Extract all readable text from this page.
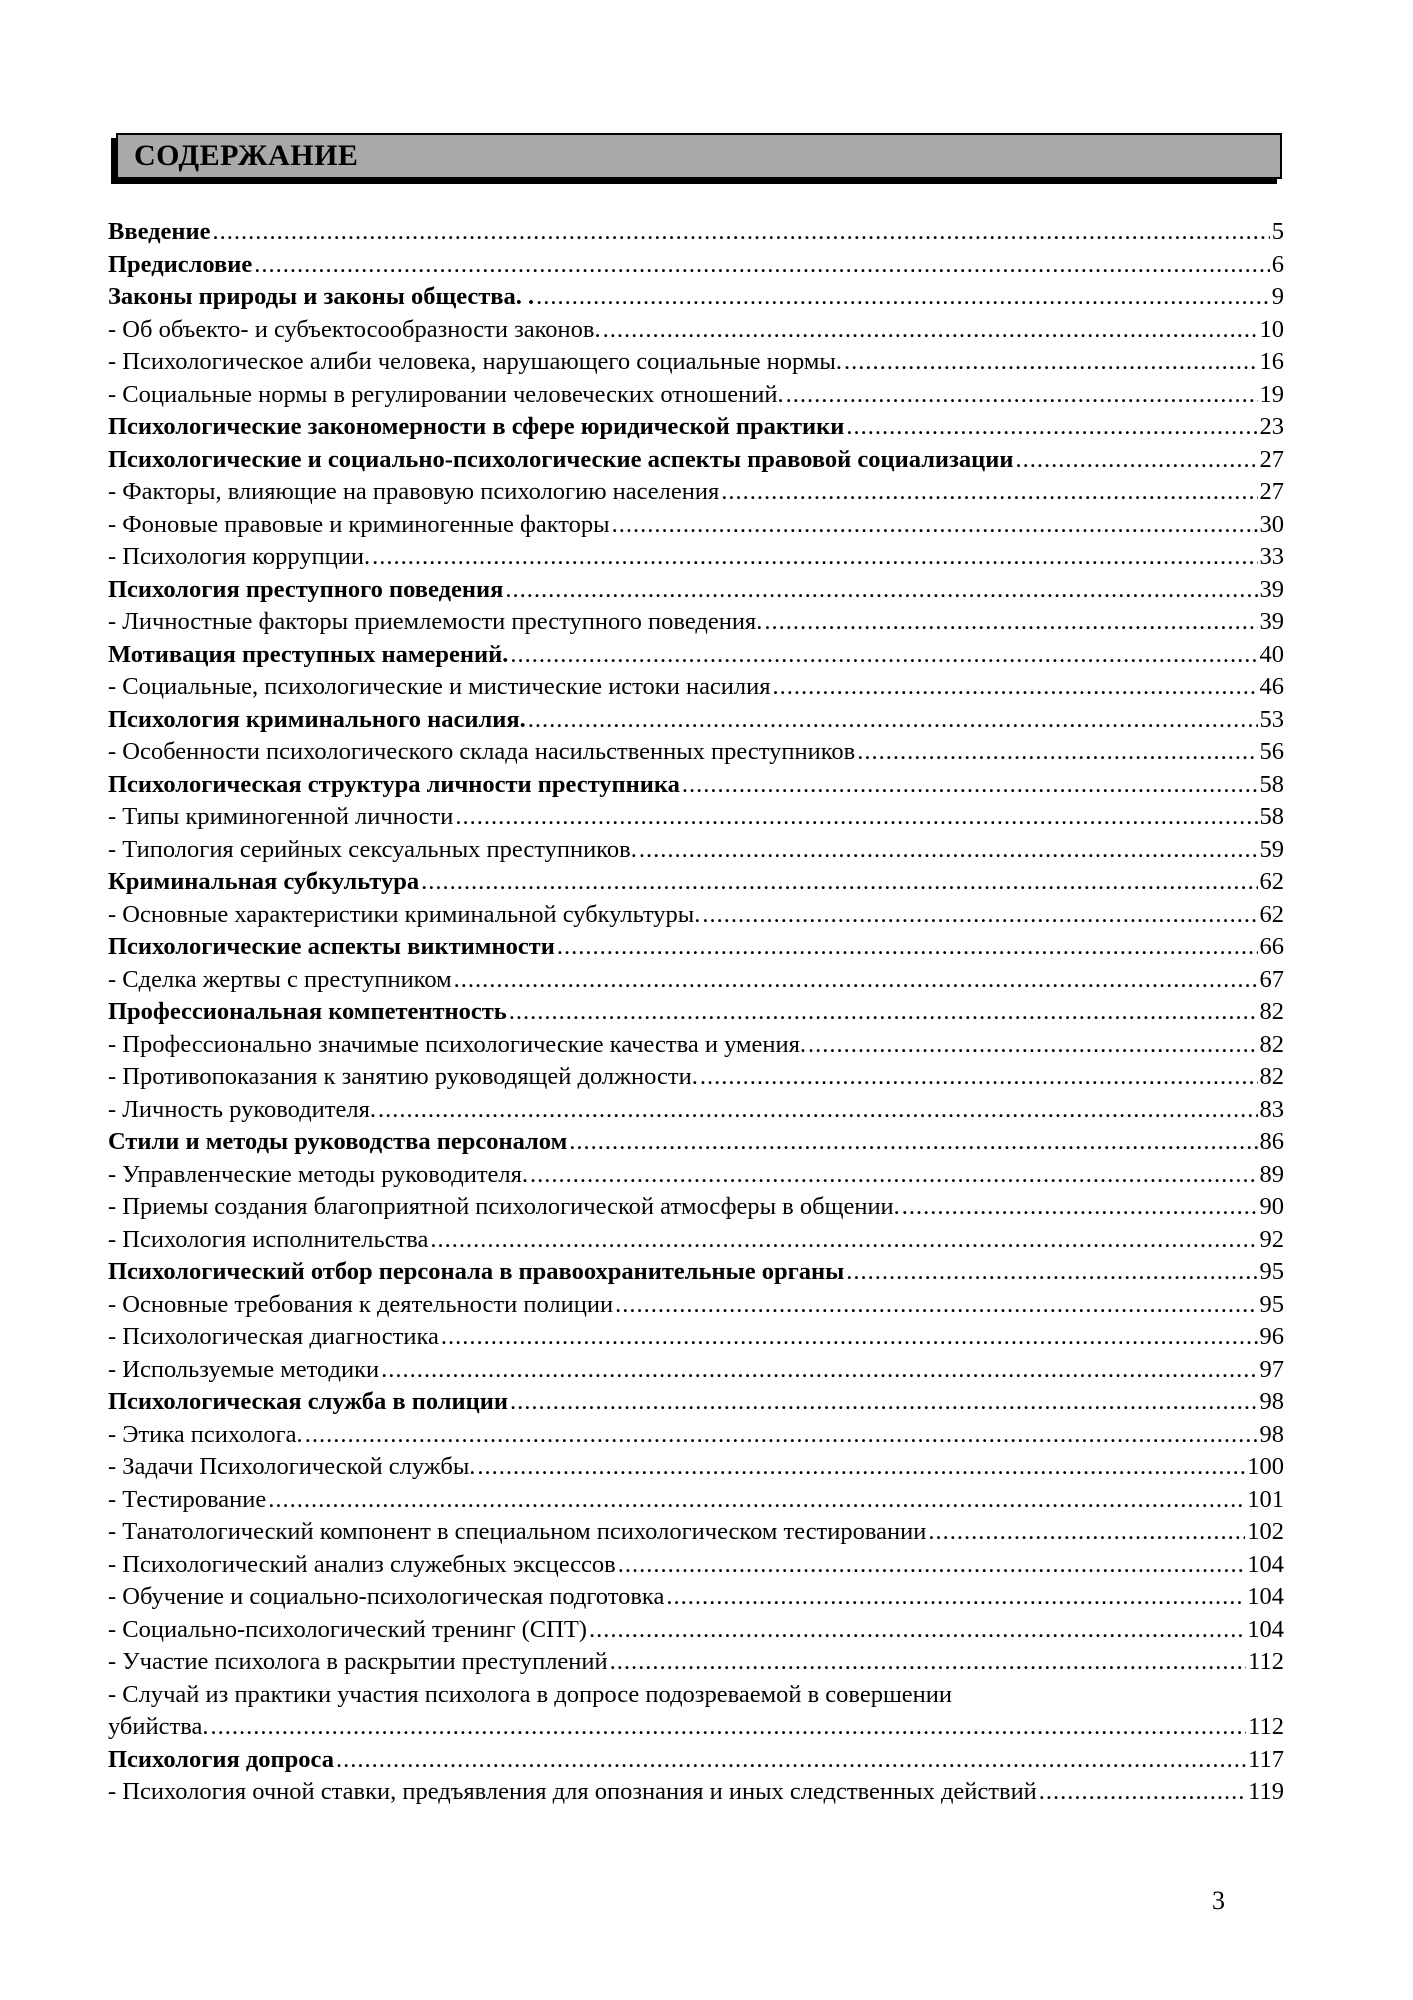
СОДЕРЖАНИЕ
Введение .....	5
Предисловие .....	6
Законы природы и законы общества. . .....	9
- Об объекто- и субъектосообразности законов. .....	10
- Психологическое алиби человека, нарушающего социальные нормы. .....	16
- Социальные нормы в регулировании человеческих отношений. .....	19
Психологические закономерности в сфере юридической практики .....	23
Психологические и социально-психологические аспекты правовой социализации .....	27
- Факторы, влияющие на правовую психологию населения .....	27
- Фоновые правовые и криминогенные факторы .....	30
- Психология коррупции. .....	33
Психология преступного поведения .....	39
- Личностные факторы приемлемости преступного поведения. .....	39
Мотивация преступных намерений. .....	40
- Социальные, психологические и мистические истоки насилия .....	46
Психология криминального насилия. .....	53
- Особенности психологического склада насильственных преступников .....	56
Психологическая структура личности преступника .....	58
- Типы криминогенной личности .....	58
- Типология серийных сексуальных преступников. .....	59
Криминальная субкультура .....	62
- Основные характеристики криминальной субкультуры. .....	62
Психологические аспекты виктимности .....	66
- Сделка жертвы с преступником .....	67
Профессиональная компетентность .....	82
- Профессионально значимые психологические качества и умения. .....	82
- Противопоказания к занятию руководящей должности. .....	82
- Личность руководителя. .....	83
Стили и методы руководства персоналом .....	86
- Управленческие методы руководителя. .....	89
- Приемы создания благоприятной психологической атмосферы в общении. .....	90
- Психология исполнительства .....	92
Психологический отбор персонала в правоохранительные органы .....	95
- Основные требования к деятельности полиции .....	95
- Психологическая диагностика .....	96
- Используемые методики .....	97
Психологическая служба в полиции .....	98
- Этика психолога. .....	98
- Задачи Психологической службы. .....	100
- Тестирование .....	101
- Танатологический компонент в специальном психологическом тестировании .....	102
- Психологический анализ служебных эксцессов .....	104
- Обучение и социально-психологическая подготовка .....	104
- Социально-психологический тренинг (СПТ) .....	104
- Участие психолога в раскрытии преступлений .....	112
- Случай из практики участия психолога в допросе подозреваемой в совершении
убийства. .....	112
Психология допроса .....	117
- Психология очной ставки, предъявления для опознания и иных следственных действий .....	119
3
